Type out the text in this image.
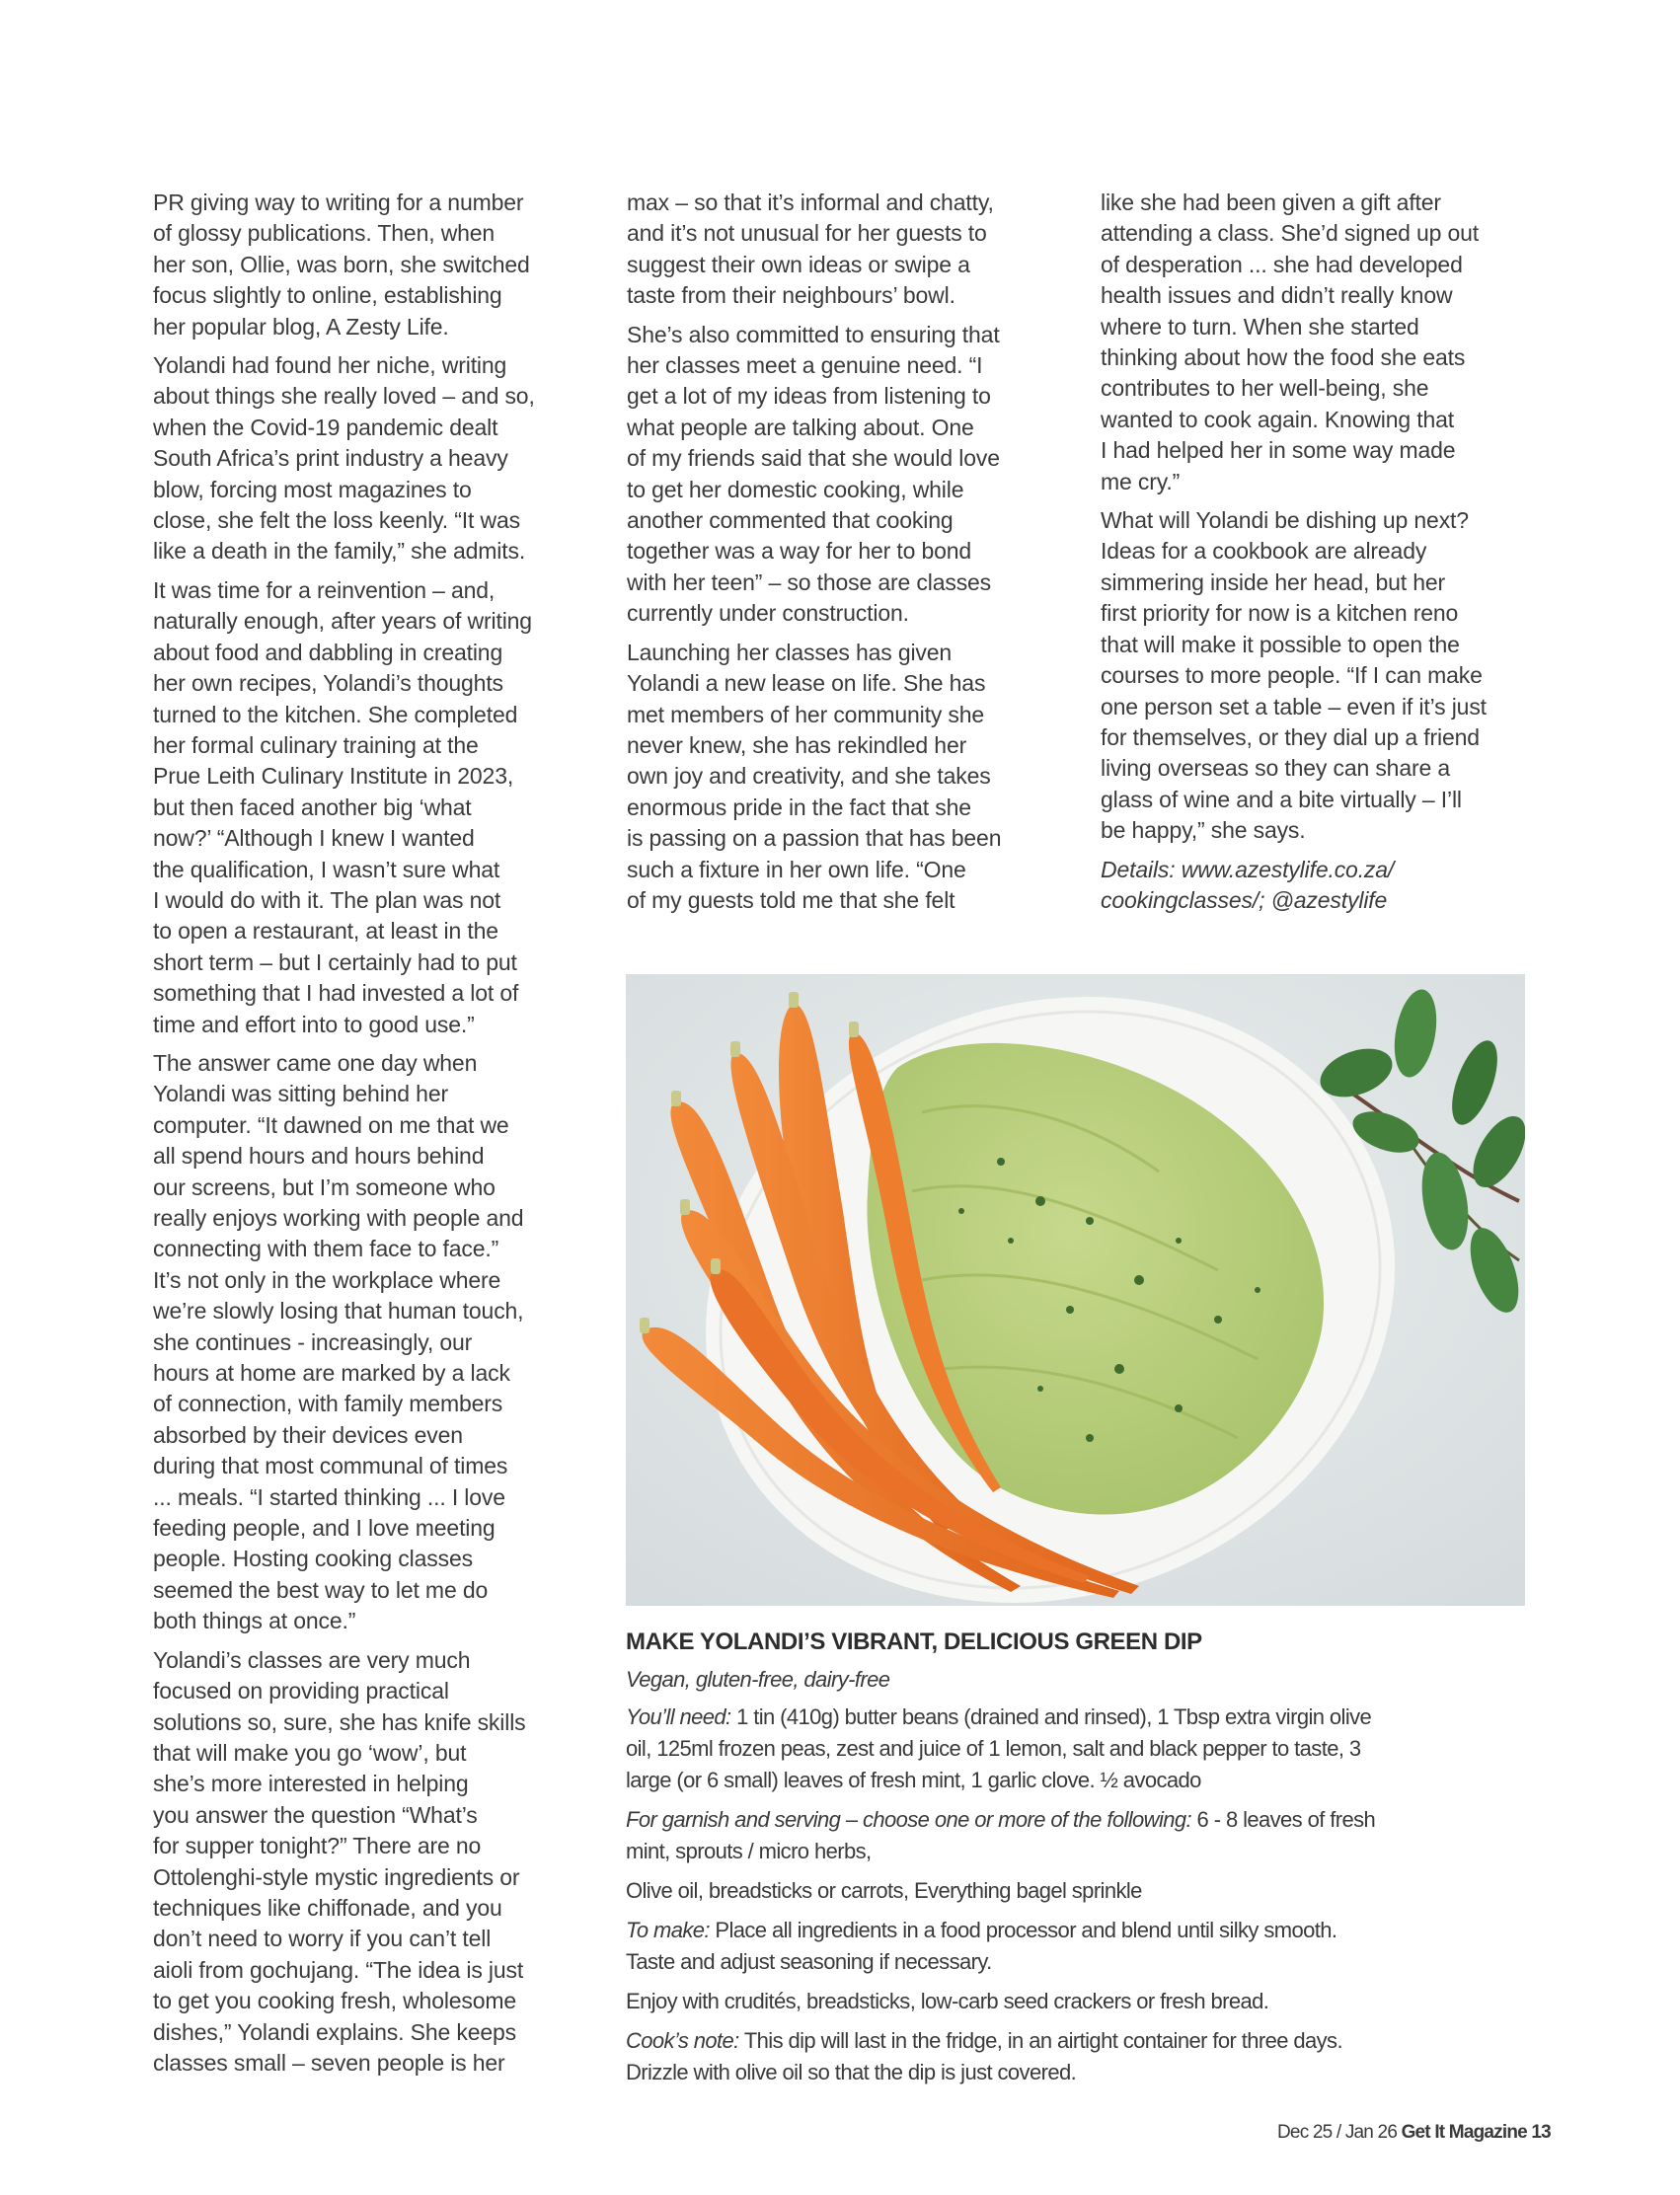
PR giving way to writing for a number
of glossy publications. Then, when
her son, Ollie, was born, she switched
focus slightly to online, establishing
her popular blog, A Zesty Life.

Yolandi had found her niche, writing
about things she really loved – and so,
when the Covid-19 pandemic dealt
South Africa’s print industry a heavy
blow, forcing most magazines to
close, she felt the loss keenly. “It was
like a death in the family,” she admits.

It was time for a reinvention – and,
naturally enough, after years of writing
about food and dabbling in creating
her own recipes, Yolandi’s thoughts
turned to the kitchen. She completed
her formal culinary training at the
Prue Leith Culinary Institute in 2023,
but then faced another big ‘what
now?’ “Although I knew I wanted
the qualification, I wasn’t sure what
I would do with it. The plan was not
to open a restaurant, at least in the
short term – but I certainly had to put
something that I had invested a lot of
time and effort into to good use.”

The answer came one day when
Yolandi was sitting behind her
computer. “It dawned on me that we
all spend hours and hours behind
our screens, but I’m someone who
really enjoys working with people and
connecting with them face to face.”
It’s not only in the workplace where
we’re slowly losing that human touch,
she continues - increasingly, our
hours at home are marked by a lack
of connection, with family members
absorbed by their devices even
during that most communal of times
... meals. “I started thinking ... I love
feeding people, and I love meeting
people. Hosting cooking classes
seemed the best way to let me do
both things at once.”

Yolandi’s classes are very much
focused on providing practical
solutions so, sure, she has knife skills
that will make you go ‘wow’, but
she’s more interested in helping
you answer the question “What’s
for supper tonight?” There are no
Ottolenghi-style mystic ingredients or
techniques like chiffonade, and you
don’t need to worry if you can’t tell
aioli from gochujang. “The idea is just
to get you cooking fresh, wholesome
dishes,” Yolandi explains. She keeps
classes small – seven people is her

max – so that it’s informal and chatty,
and it’s not unusual for her guests to
suggest their own ideas or swipe a
taste from their neighbours’ bowl.

She’s also committed to ensuring that
her classes meet a genuine need. “I
get a lot of my ideas from listening to
what people are talking about. One
of my friends said that she would love
to get her domestic cooking, while
another commented that cooking
together was a way for her to bond
with her teen” – so those are classes
currently under construction.

Launching her classes has given
Yolandi a new lease on life. She has
met members of her community she
never knew, she has rekindled her
own joy and creativity, and she takes
enormous pride in the fact that she
is passing on a passion that has been
such a fixture in her own life. “One
of my guests told me that she felt

like she had been given a gift after
attending a class. She’d signed up out
of desperation ... she had developed
health issues and didn’t really know
where to turn. When she started
thinking about how the food she eats
contributes to her well-being, she
wanted to cook again. Knowing that
I had helped her in some way made
me cry.”

What will Yolandi be dishing up next?
Ideas for a cookbook are already
simmering inside her head, but her
first priority for now is a kitchen reno
that will make it possible to open the
courses to more people. “If I can make
one person set a table – even if it’s just
for themselves, or they dial up a friend
living overseas so they can share a
glass of wine and a bite virtually – I’ll
be happy,” she says.

Details: www.azestylife.co.za/
cookingclasses/; @azestylife

MAKE YOLANDI’S VIBRANT, DELICIOUS GREEN DIP

Vegan, gluten-free, dairy-free

You’ll need: 1 tin (410g) butter beans (drained and rinsed), 1 Tbsp extra virgin olive
oil, 125ml frozen peas, zest and juice of 1 lemon, salt and black pepper to taste, 3
large (or 6 small) leaves of fresh mint, 1 garlic clove. ½ avocado

For garnish and serving – choose one or more of the following: 6 - 8 leaves of fresh
mint, sprouts / micro herbs,

Olive oil, breadsticks or carrots, Everything bagel sprinkle

To make: Place all ingredients in a food processor and blend until silky smooth.
Taste and adjust seasoning if necessary.

Enjoy with crudités, breadsticks, low-carb seed crackers or fresh bread.

Cook’s note: This dip will last in the fridge, in an airtight container for three days.
Drizzle with olive oil so that the dip is just covered.

Dec 25 / Jan 26 Get It Magazine 13
